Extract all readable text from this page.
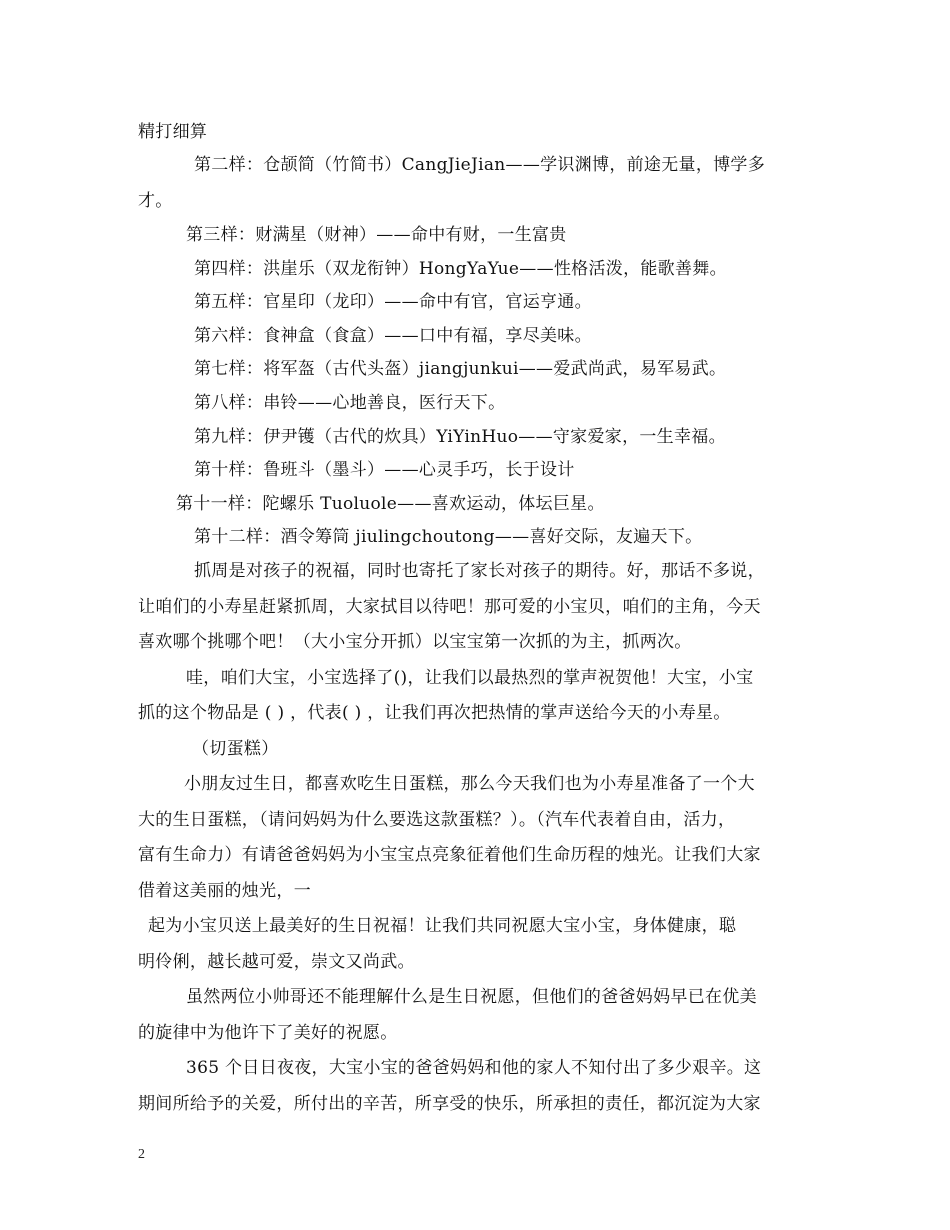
精打细算
第二样：仓颉简（竹简书）CangJieJian——学识渊博，前途无量，博学多
才。
第三样：财满星（财神）——命中有财，一生富贵
第四样：洪崖乐（双龙衔钟）HongYaYue——性格活泼，能歌善舞。
第五样：官星印（龙印）——命中有官，官运亨通。
第六样：食神盒（食盒）——口中有福，享尽美味。
第七样：将军盔（古代头盔）jiangjunkui——爱武尚武，易军易武。
第八样：串铃——心地善良，医行天下。
第九样：伊尹镬（古代的炊具）YiYinHuo——守家爱家，一生幸福。
第十样：鲁班斗（墨斗）——心灵手巧，长于设计
第十一样：陀螺乐 Tuoluole——喜欢运动，体坛巨星。
第十二样：酒令筹筒 jiulingchoutong——喜好交际，友遍天下。
抓周是对孩子的祝福，同时也寄托了家长对孩子的期待。好，那话不多说，
让咱们的小寿星赶紧抓周，大家拭目以待吧！那可爱的小宝贝，咱们的主角，今天
喜欢哪个挑哪个吧！（大小宝分开抓）以宝宝第一次抓的为主，抓两次。
哇，咱们大宝，小宝选择了()，让我们以最热烈的掌声祝贺他！大宝，小宝
抓的这个物品是 ( ) ，代表( ) ，让我们再次把热情的掌声送给今天的小寿星。
（切蛋糕）
小朋友过生日，都喜欢吃生日蛋糕，那么今天我们也为小寿星准备了一个大
大的生日蛋糕，（请问妈妈为什么要选这款蛋糕？）。（汽车代表着自由，活力，
富有生命力）有请爸爸妈妈为小宝宝点亮象征着他们生命历程的烛光。让我们大家
借着这美丽的烛光，一
起为小宝贝送上最美好的生日祝福！让我们共同祝愿大宝小宝，身体健康，聪
明伶俐，越长越可爱，崇文又尚武。
虽然两位小帅哥还不能理解什么是生日祝愿，但他们的爸爸妈妈早已在优美
的旋律中为他许下了美好的祝愿。
365 个日日夜夜，大宝小宝的爸爸妈妈和他的家人不知付出了多少艰辛。这
期间所给予的关爱，所付出的辛苦，所享受的快乐，所承担的责任，都沉淀为大家
2
